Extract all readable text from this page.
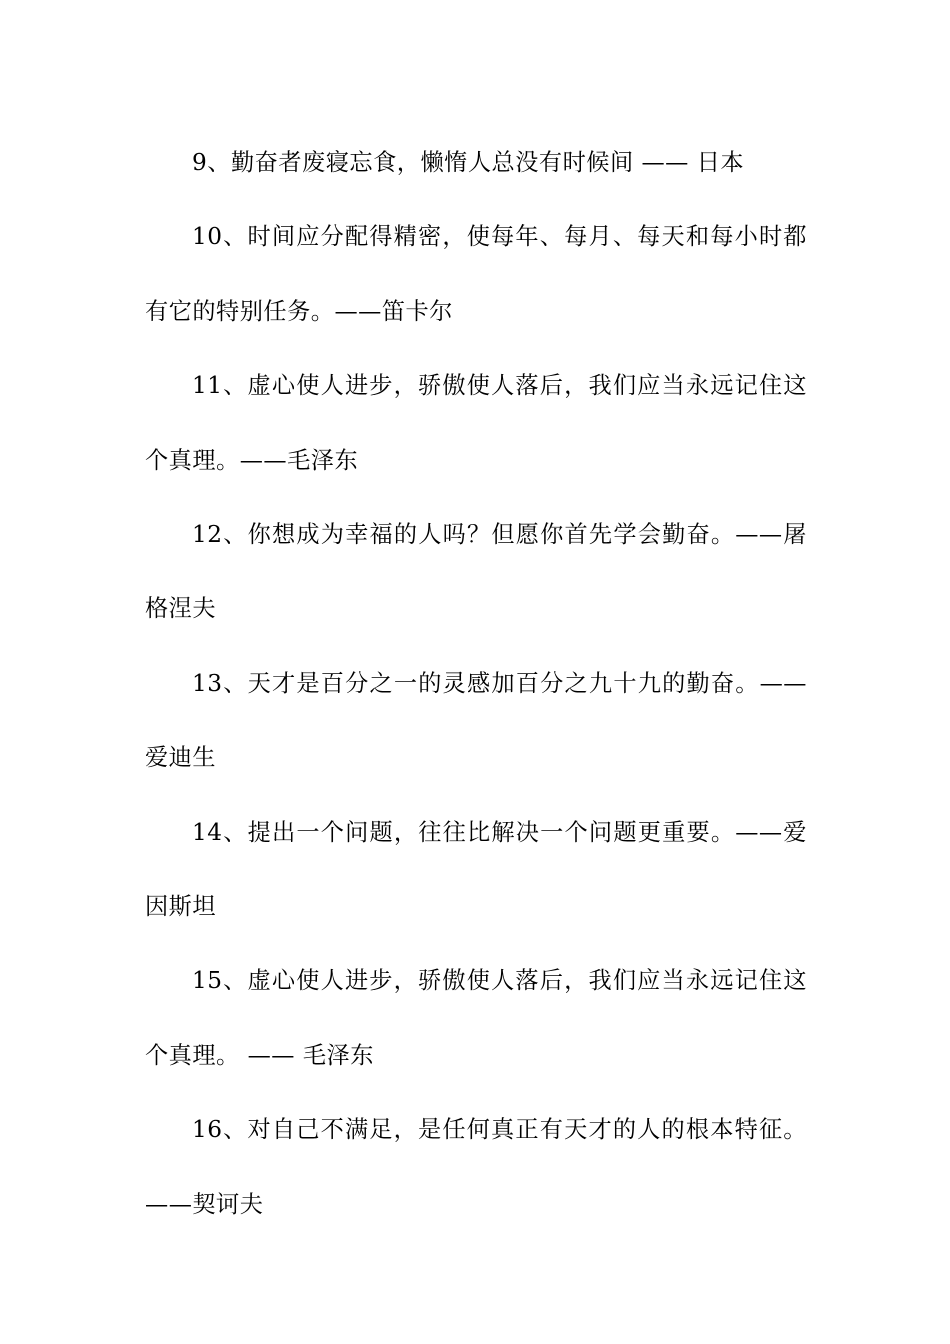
9、勤奋者废寝忘食，懒惰人总没有时候间 —— 日本

10、时间应分配得精密，使每年、每月、每天和每小时都有它的特别任务。——笛卡尔

11、虚心使人进步，骄傲使人落后，我们应当永远记住这个真理。——毛泽东

12、你想成为幸福的人吗？但愿你首先学会勤奋。——屠格涅夫

13、天才是百分之一的灵感加百分之九十九的勤奋。——爱迪生

14、提出一个问题，往往比解决一个问题更重要。——爱因斯坦

15、虚心使人进步，骄傲使人落后，我们应当永远记住这个真理。 —— 毛泽东

16、对自己不满足，是任何真正有天才的人的根本特征。——契诃夫
